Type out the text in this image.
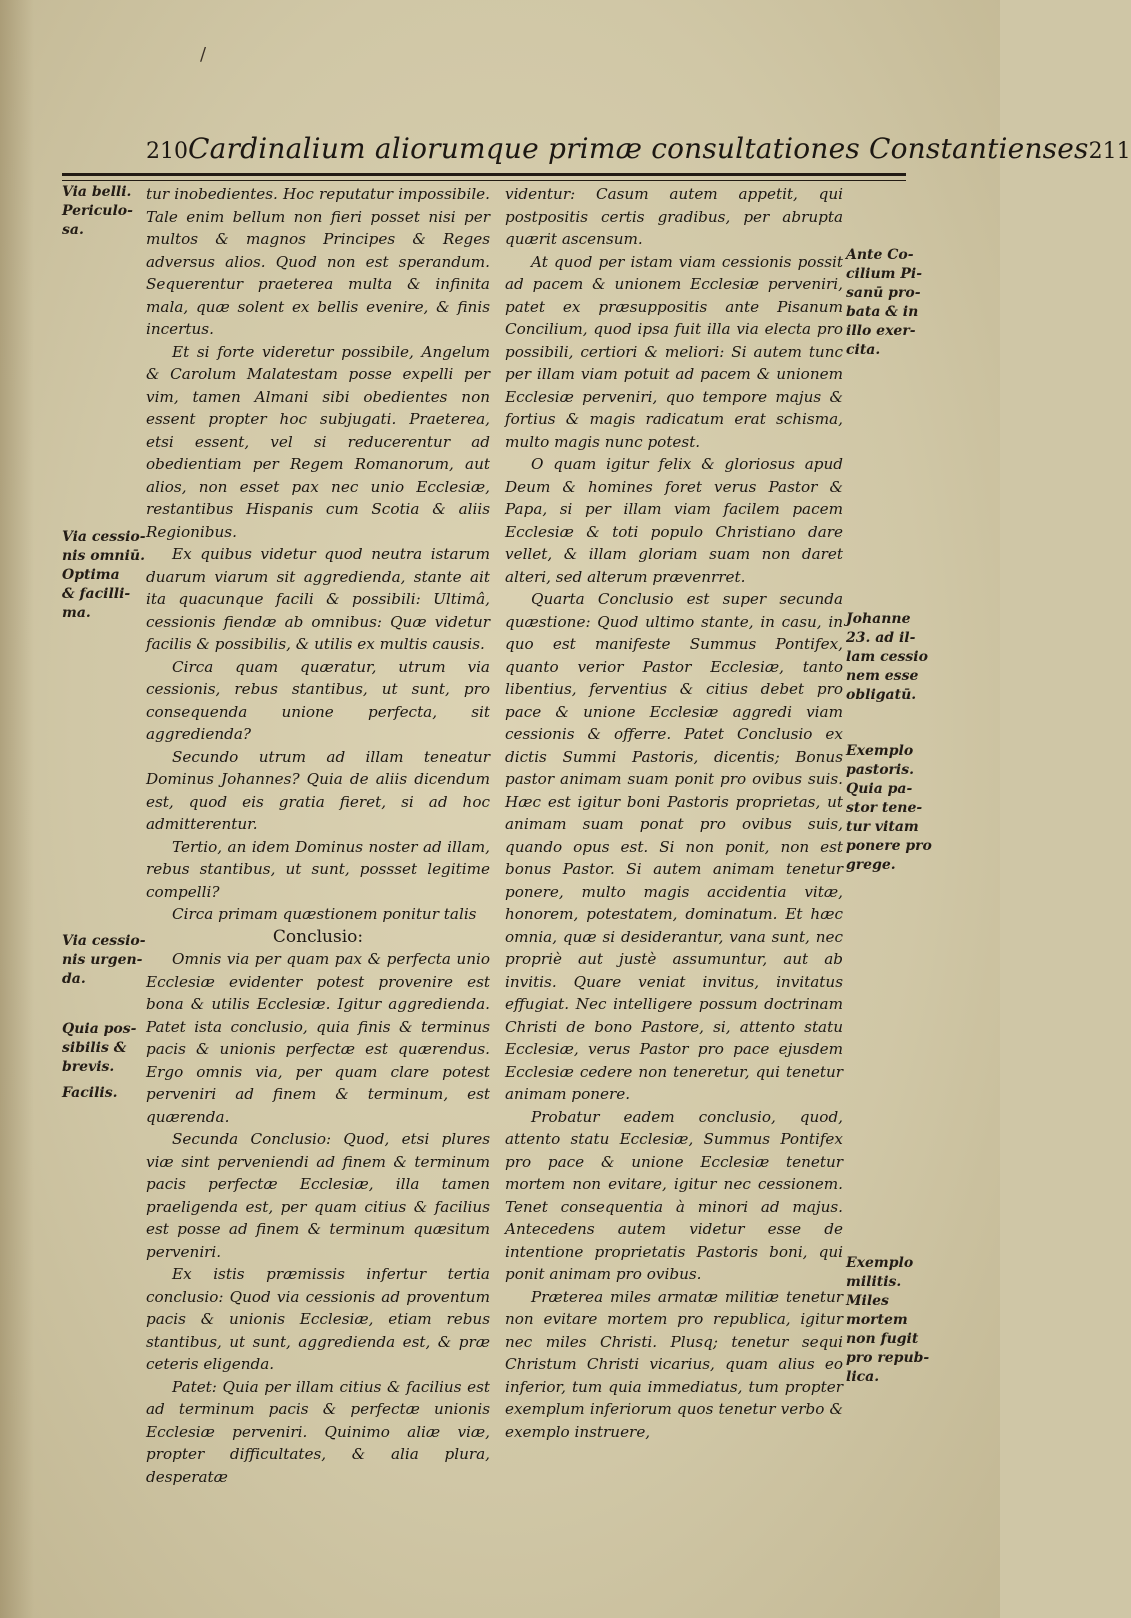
/
210 Cardinalium aliorumque primæ consultationes Constantienses 211
Via belli.
Periculo-
sa.
Via cessio-
nis omniū.
Optima
& facilli-
ma.
Via cessio-
nis urgen-
da.
Quia pos-
sibilis &
brevis.
Facilis.
Ante Co-
cilium Pi-
sanū pro-
bata & in
illo exer-
cita.
Johanne
23. ad il-
lam cessio
nem esse
obligatū.
Exemplo
pastoris.
Quia pa-
stor tene-
tur vitam
ponere pro
grege.
Exemplo
militis.
Miles
mortem
non fugit
pro repub-
lica.

tur inobedientes. Hoc reputatur impossibile. Tale enim bellum non fieri posset nisi per multos & magnos Principes & Reges adversus alios. Quod non est sperandum. Sequerentur praeterea multa & infinita mala, quæ solent ex bellis evenire, & finis incertus.

Et si forte videretur possibile, Angelum & Carolum Malatestam posse expelli per vim, tamen Almani sibi obedientes non essent propter hoc subjugati. Praeterea, etsi essent, vel si reducerentur ad obedientiam per Regem Romanorum, aut alios, non esset pax nec unio Ecclesiæ, restantibus Hispanis cum Scotia & aliis Regionibus.

Ex quibus videtur quod neutra istarum duarum viarum sit aggredienda, stante ait ita quacunque facili & possibili: Ultimâ, cessionis fiendæ ab omnibus: Quæ videtur facilis & possibilis, & utilis ex multis causis.

Circa quam quæratur, utrum via cessionis, rebus stantibus, ut sunt, pro consequenda unione perfecta, sit aggredienda?

Secundo utrum ad illam teneatur Dominus Johannes? Quia de aliis dicendum est, quod eis gratia fieret, si ad hoc admitterentur.

Tertio, an idem Dominus noster ad illam, rebus stantibus, ut sunt, possset legitime compelli?

Circa primam quæstionem ponitur talis

Conclusio:

Omnis via per quam pax & perfecta unio Ecclesiæ evidenter potest provenire est bona & utilis Ecclesiæ. Igitur aggredienda. Patet ista conclusio, quia finis & terminus pacis & unionis perfectæ est quærendus. Ergo omnis via, per quam clare potest perveniri ad finem & terminum, est quærenda.

Secunda Conclusio: Quod, etsi plures viæ sint perveniendi ad finem & terminum pacis perfectæ Ecclesiæ, illa tamen praeligenda est, per quam citius & facilius est posse ad finem & terminum quæsitum perveniri.

Ex istis præmissis infertur tertia conclusio: Quod via cessionis ad proventum pacis & unionis Ecclesiæ, etiam rebus stantibus, ut sunt, aggredienda est, & præ ceteris eligenda.

Patet: Quia per illam citius & facilius est ad terminum pacis & perfectæ unionis Ecclesiæ perveniri. Quinimo aliæ viæ, propter difficultates, & alia plura, desperatæ

videntur: Casum autem appetit, qui postpositis certis gradibus, per abrupta quærit ascensum.

At quod per istam viam cessionis possit ad pacem & unionem Ecclesiæ perveniri, patet ex præsuppositis ante Pisanum Concilium, quod ipsa fuit illa via electa pro possibili, certiori & meliori: Si autem tunc per illam viam potuit ad pacem & unionem Ecclesiæ perveniri, quo tempore majus & fortius & magis radicatum erat schisma, multo magis nunc potest.

O quam igitur felix & gloriosus apud Deum & homines foret verus Pastor & Papa, si per illam viam facilem pacem Ecclesiæ & toti populo Christiano dare vellet, & illam gloriam suam non daret alteri, sed alterum prævenrret.

Quarta Conclusio est super secunda quæstione: Quod ultimo stante, in casu, in quo est manifeste Summus Pontifex, quanto verior Pastor Ecclesiæ, tanto libentius, ferventius & citius debet pro pace & unione Ecclesiæ aggredi viam cessionis & offerre. Patet Conclusio ex dictis Summi Pastoris, dicentis; Bonus pastor animam suam ponit pro ovibus suis. Hæc est igitur boni Pastoris proprietas, ut animam suam ponat pro ovibus suis, quando opus est. Si non ponit, non est bonus Pastor. Si autem animam tenetur ponere, multo magis accidentia vitæ, honorem, potestatem, dominatum. Et hæc omnia, quæ si desiderantur, vana sunt, nec propriè aut justè assumuntur, aut ab invitis. Quare veniat invitus, invitatus effugiat. Nec intelligere possum doctrinam Christi de bono Pastore, si, attento statu Ecclesiæ, verus Pastor pro pace ejusdem Ecclesiæ cedere non teneretur, qui tenetur animam ponere.

Probatur eadem conclusio, quod, attento statu Ecclesiæ, Summus Pontifex pro pace & unione Ecclesiæ tenetur mortem non evitare, igitur nec cessionem. Tenet consequentia à minori ad majus. Antecedens autem videtur esse de intentione proprietatis Pastoris boni, qui ponit animam pro ovibus.

Præterea miles armatæ militiæ tenetur non evitare mortem pro republica, igitur nec miles Christi. Plusq; tenetur sequi Christum Christi vicarius, quam alius eo inferior, tum quia immediatus, tum propter exemplum inferiorum quos tenetur verbo & exemplo instruere,
